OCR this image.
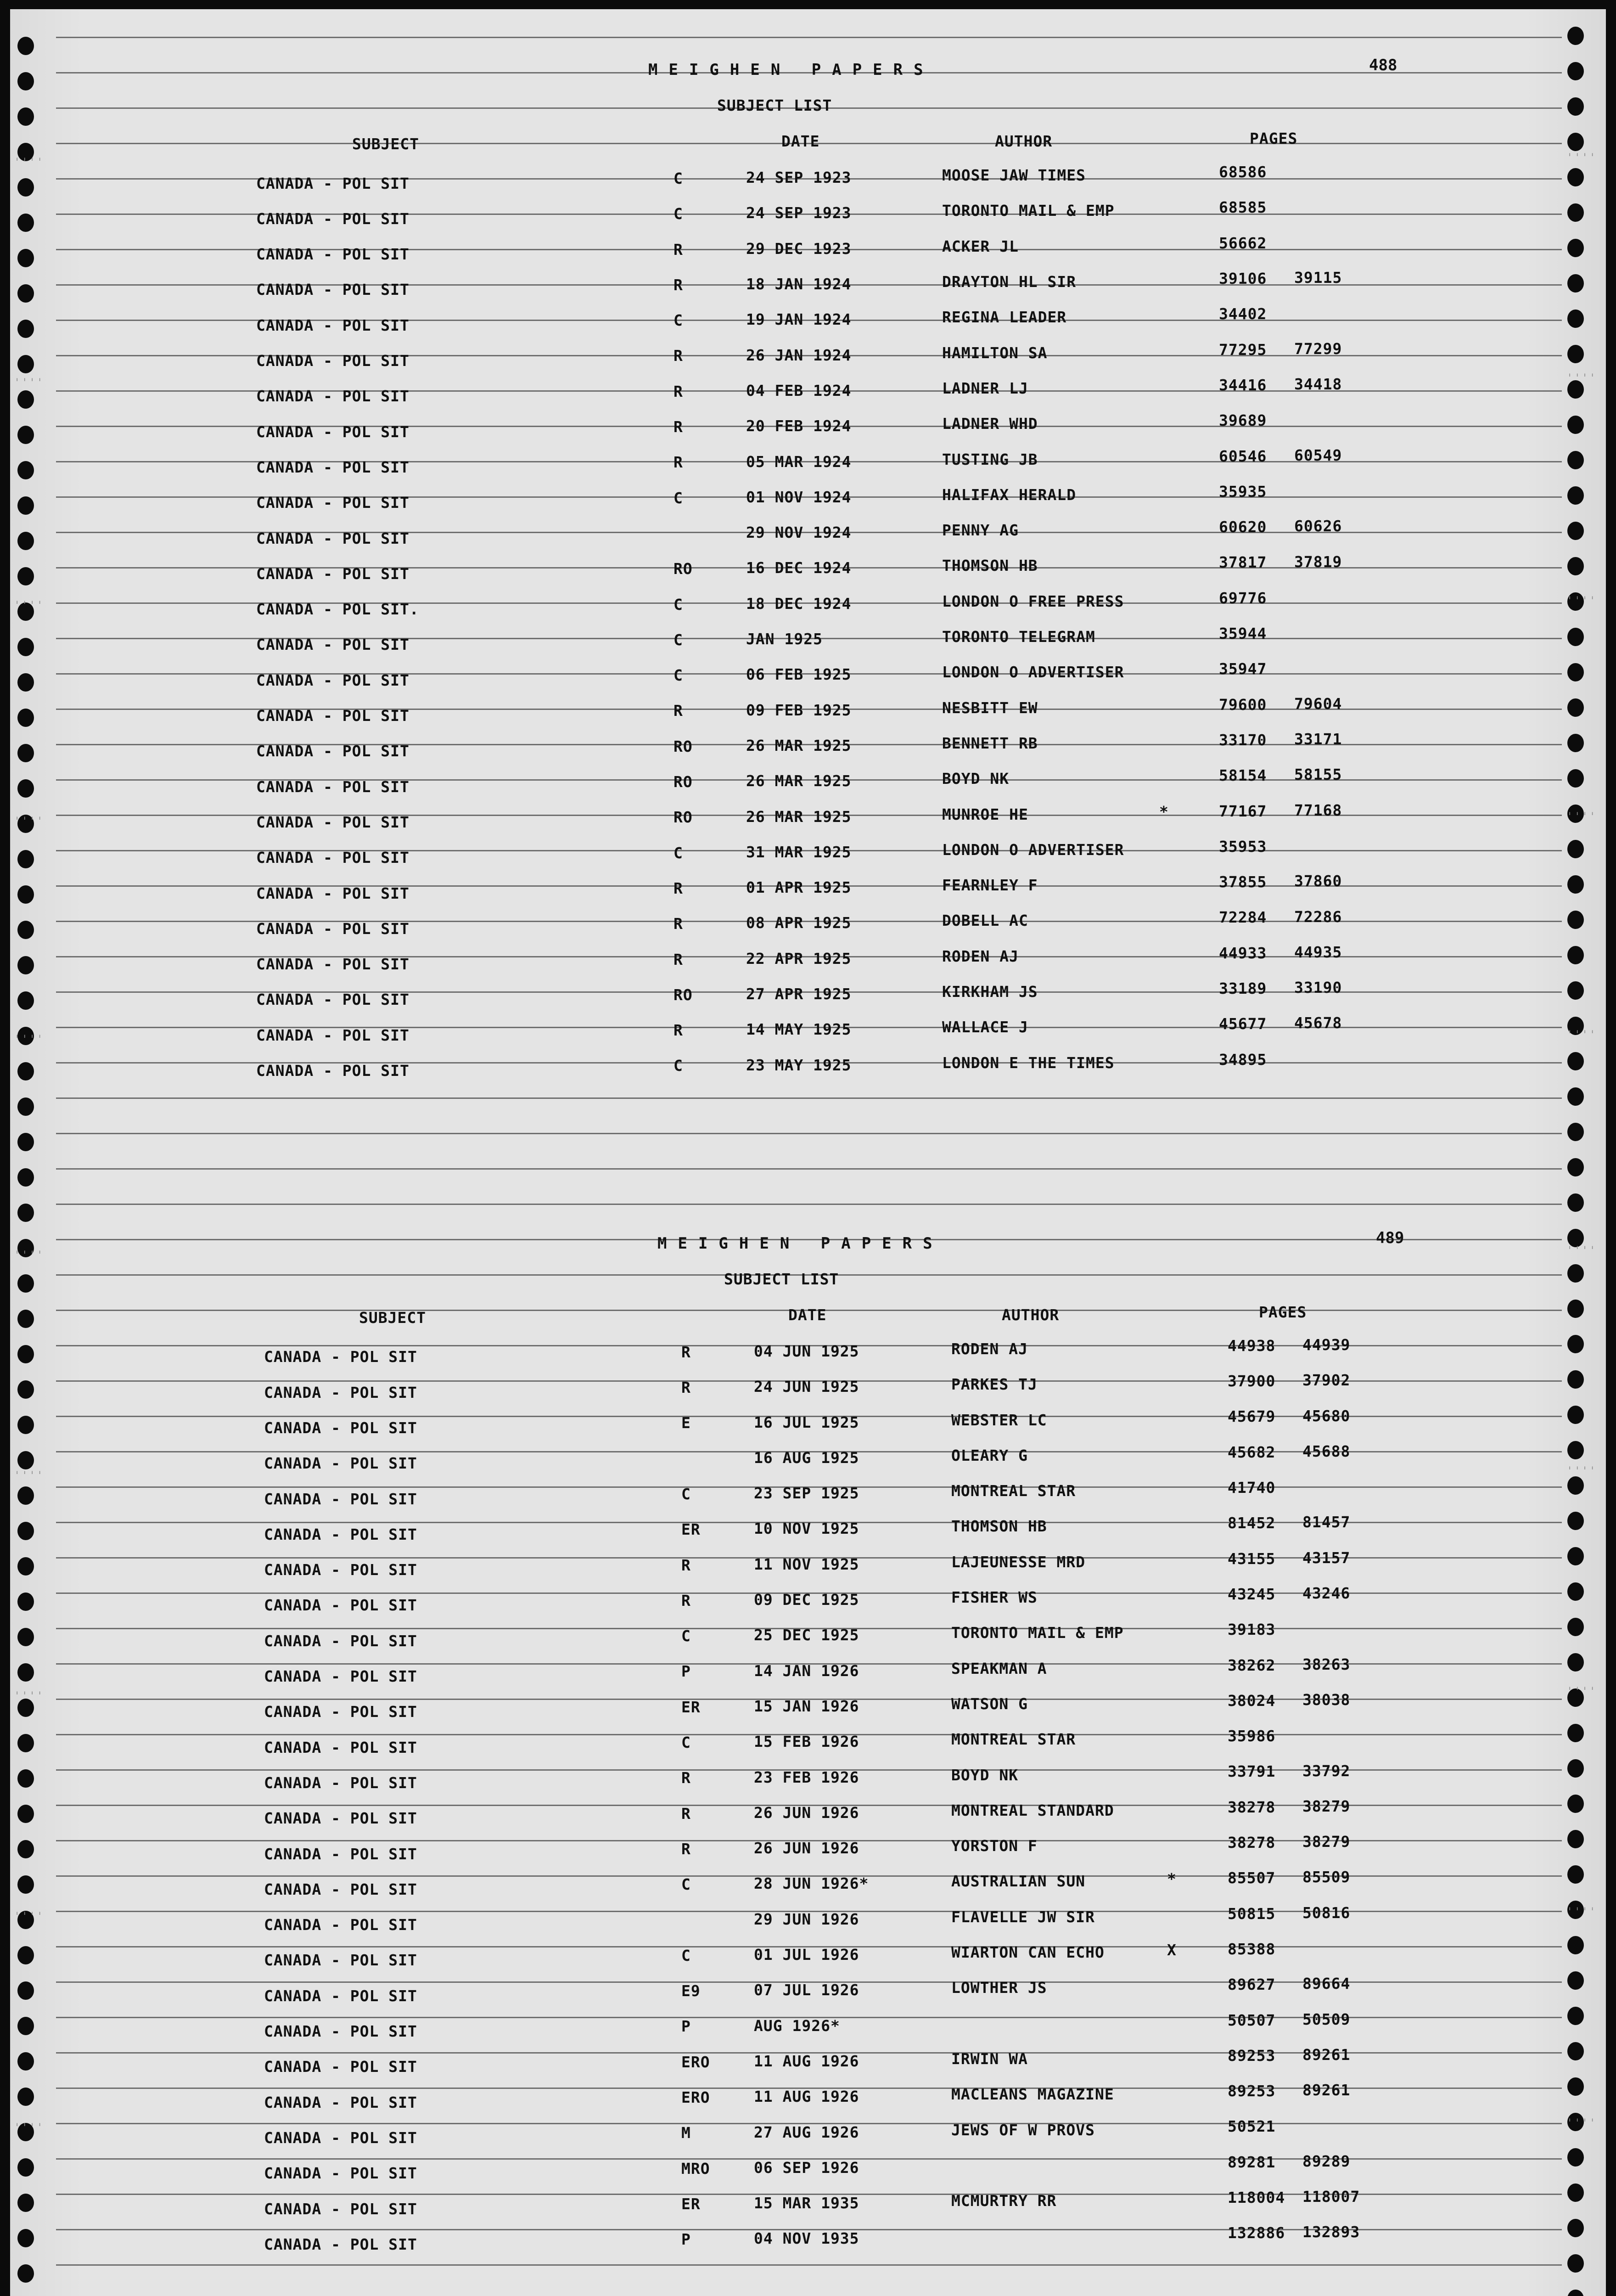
ˈˈˈˈ
ˈˈˈˈ
ˈˈˈˈ
ˈˈˈˈ
ˈˈˈˈ
ˈˈˈˈ
ˈˈˈˈ
ˈˈˈˈ
ˈˈˈˈ
ˈˈˈˈ
ˈˈˈˈ
ˈˈˈˈ
ˈˈˈˈ
ˈˈˈˈ
ˈˈˈˈ
ˈˈˈˈ
ˈˈˈˈ
ˈˈˈˈ
ˈˈˈˈ
ˈˈˈˈ
MEIGHEN PAPERS	488
SUBJECT LIST
SUBJECT	DATE	AUTHOR	PAGES
CANADA - POL SIT	C	24 SEP 1923	MOOSE JAW TIMES	68586
CANADA - POL SIT	C	24 SEP 1923	TORONTO MAIL & EMP	68585
CANADA - POL SIT	R	29 DEC 1923	ACKER JL	56662
CANADA - POL SIT	R	18 JAN 1924	DRAYTON HL SIR	39106 39115
CANADA - POL SIT	C	19 JAN 1924	REGINA LEADER	34402
CANADA - POL SIT	R	26 JAN 1924	HAMILTON SA	77295 77299
CANADA - POL SIT	R	04 FEB 1924	LADNER LJ	34416 34418
CANADA - POL SIT	R	20 FEB 1924	LADNER WHD	39689
CANADA - POL SIT	R	05 MAR 1924	TUSTING JB	60546 60549
CANADA - POL SIT	C	01 NOV 1924	HALIFAX HERALD	35935
CANADA - POL SIT	29 NOV 1924	PENNY AG	60620 60626
CANADA - POL SIT	RO	16 DEC 1924	THOMSON HB	37817 37819
CANADA - POL SIT.	C	18 DEC 1924	LONDON O FREE PRESS	69776
CANADA - POL SIT	C	JAN 1925	TORONTO TELEGRAM	35944
CANADA - POL SIT	C	06 FEB 1925	LONDON O ADVERTISER	35947
CANADA - POL SIT	R	09 FEB 1925	NESBITT EW	79600 79604
CANADA - POL SIT	RO	26 MAR 1925	BENNETT RB	33170 33171
CANADA - POL SIT	RO	26 MAR 1925	BOYD NK	58154 58155
CANADA - POL SIT	RO	26 MAR 1925	MUNROE HE	*	77167 77168
CANADA - POL SIT	C	31 MAR 1925	LONDON O ADVERTISER	35953
CANADA - POL SIT	R	01 APR 1925	FEARNLEY F	37855 37860
CANADA - POL SIT	R	08 APR 1925	DOBELL AC	72284 72286
CANADA - POL SIT	R	22 APR 1925	RODEN AJ	44933 44935
CANADA - POL SIT	RO	27 APR 1925	KIRKHAM JS	33189 33190
CANADA - POL SIT	R	14 MAY 1925	WALLACE J	45677 45678
CANADA - POL SIT	C	23 MAY 1925	LONDON E THE TIMES	34895
MEIGHEN PAPERS	489
SUBJECT LIST
SUBJECT	DATE	AUTHOR	PAGES
CANADA - POL SIT	R	04 JUN 1925	RODEN AJ	44938 44939
CANADA - POL SIT	R	24 JUN 1925	PARKES TJ	37900 37902
CANADA - POL SIT	E	16 JUL 1925	WEBSTER LC	45679 45680
CANADA - POL SIT	16 AUG 1925	OLEARY G	45682 45688
CANADA - POL SIT	C	23 SEP 1925	MONTREAL STAR	41740
CANADA - POL SIT	ER	10 NOV 1925	THOMSON HB	81452 81457
CANADA - POL SIT	R	11 NOV 1925	LAJEUNESSE MRD	43155 43157
CANADA - POL SIT	R	09 DEC 1925	FISHER WS	43245 43246
CANADA - POL SIT	C	25 DEC 1925	TORONTO MAIL & EMP	39183
CANADA - POL SIT	P	14 JAN 1926	SPEAKMAN A	38262 38263
CANADA - POL SIT	ER	15 JAN 1926	WATSON G	38024 38038
CANADA - POL SIT	C	15 FEB 1926	MONTREAL STAR	35986
CANADA - POL SIT	R	23 FEB 1926	BOYD NK	33791 33792
CANADA - POL SIT	R	26 JUN 1926	MONTREAL STANDARD	38278 38279
CANADA - POL SIT	R	26 JUN 1926	YORSTON F	38278 38279
CANADA - POL SIT	C	28 JUN 1926*	AUSTRALIAN SUN	*	85507 85509
CANADA - POL SIT	29 JUN 1926	FLAVELLE JW SIR	50815 50816
CANADA - POL SIT	C	01 JUL 1926	WIARTON CAN ECHO	X	85388
CANADA - POL SIT	E9	07 JUL 1926	LOWTHER JS	89627 89664
CANADA - POL SIT	P	AUG 1926*	50507 50509
CANADA - POL SIT	ERO	11 AUG 1926	IRWIN WA	89253 89261
CANADA - POL SIT	ERO	11 AUG 1926	MACLEANS MAGAZINE	89253 89261
CANADA - POL SIT	M	27 AUG 1926	JEWS OF W PROVS	50521
CANADA - POL SIT	MRO	06 SEP 1926	89281 89289
CANADA - POL SIT	ER	15 MAR 1935	MCMURTRY RR	118004 118007
CANADA - POL SIT	P	04 NOV 1935	132886 132893
